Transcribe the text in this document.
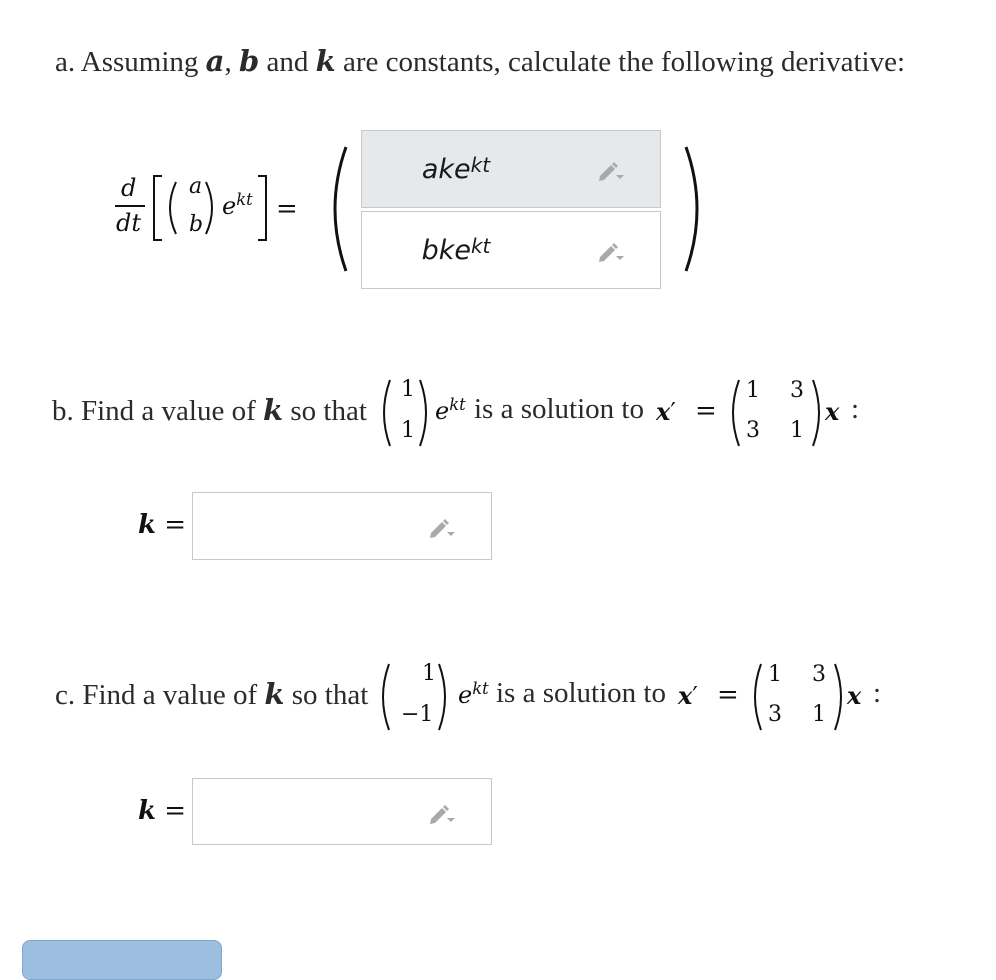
a. Assuming a, b and k are constants, calculate the following derivative:
d
dt
a
b
$e^{kt}$ =
ake$^{kt}$
bke$^{kt}$
b. Find a value of k so that
1
1
$e^{kt}$ is a solution to x′ =
1 3
3 1
x :
k =
c. Find a value of k so that
1
−1
$e^{kt}$ is a solution to x′ =
1 3
3 1
x :
k =
